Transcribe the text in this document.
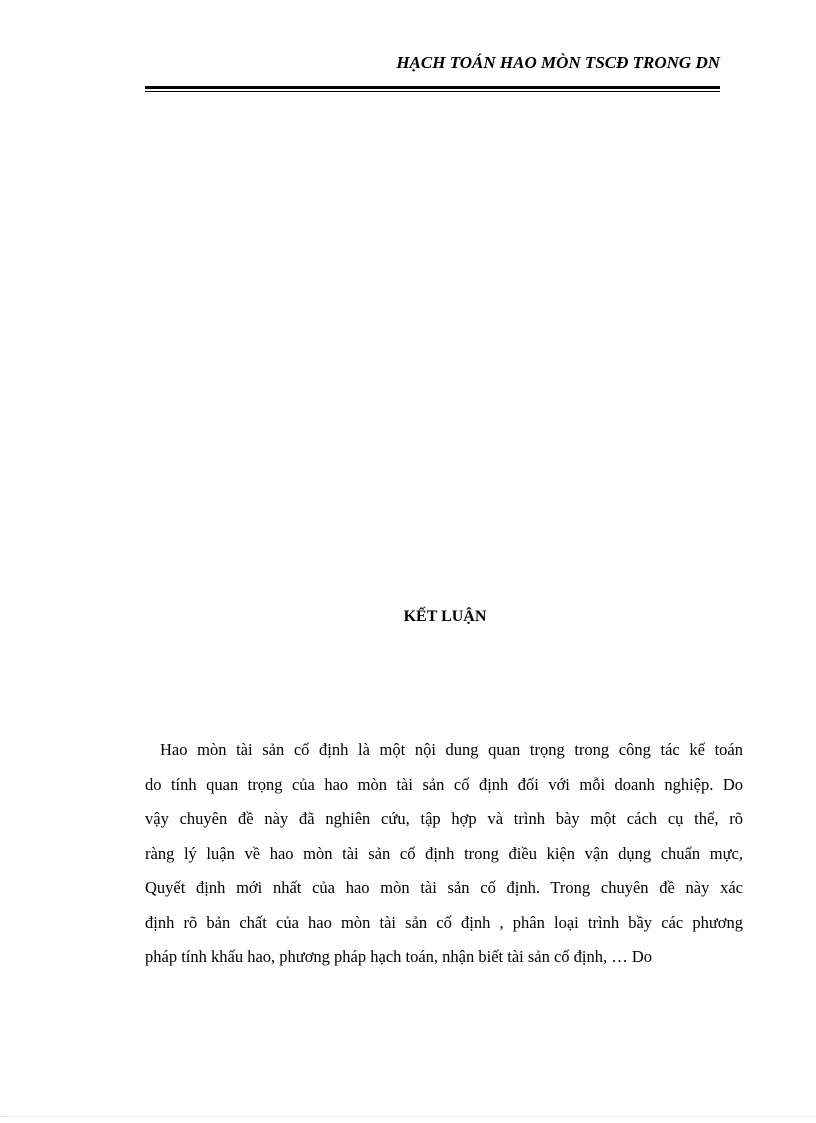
HẠCH TOÁN HAO MÒN TSCĐ TRONG DN
KẾT LUẬN
Hao mòn tài sản cố định là một nội dung quan trọng trong công tác kế toán
do tính quan trọng của hao mòn tài sản cố định đối với mỗi doanh nghiệp. Do
vậy chuyên đề này đã nghiên cứu, tập hợp và trình bày một cách cụ thể, rõ
ràng lý luận về hao mòn tài sản cố định trong điều kiện vận dụng chuẩn mực,
Quyết định mới nhất của hao mòn tài sản cố định. Trong chuyên đề này xác
định rõ bản chất của hao mòn tài sản cố định , phân loại trình bầy các phương
pháp tính khấu hao, phương pháp hạch toán, nhận biết tài sản cố định, … Do
